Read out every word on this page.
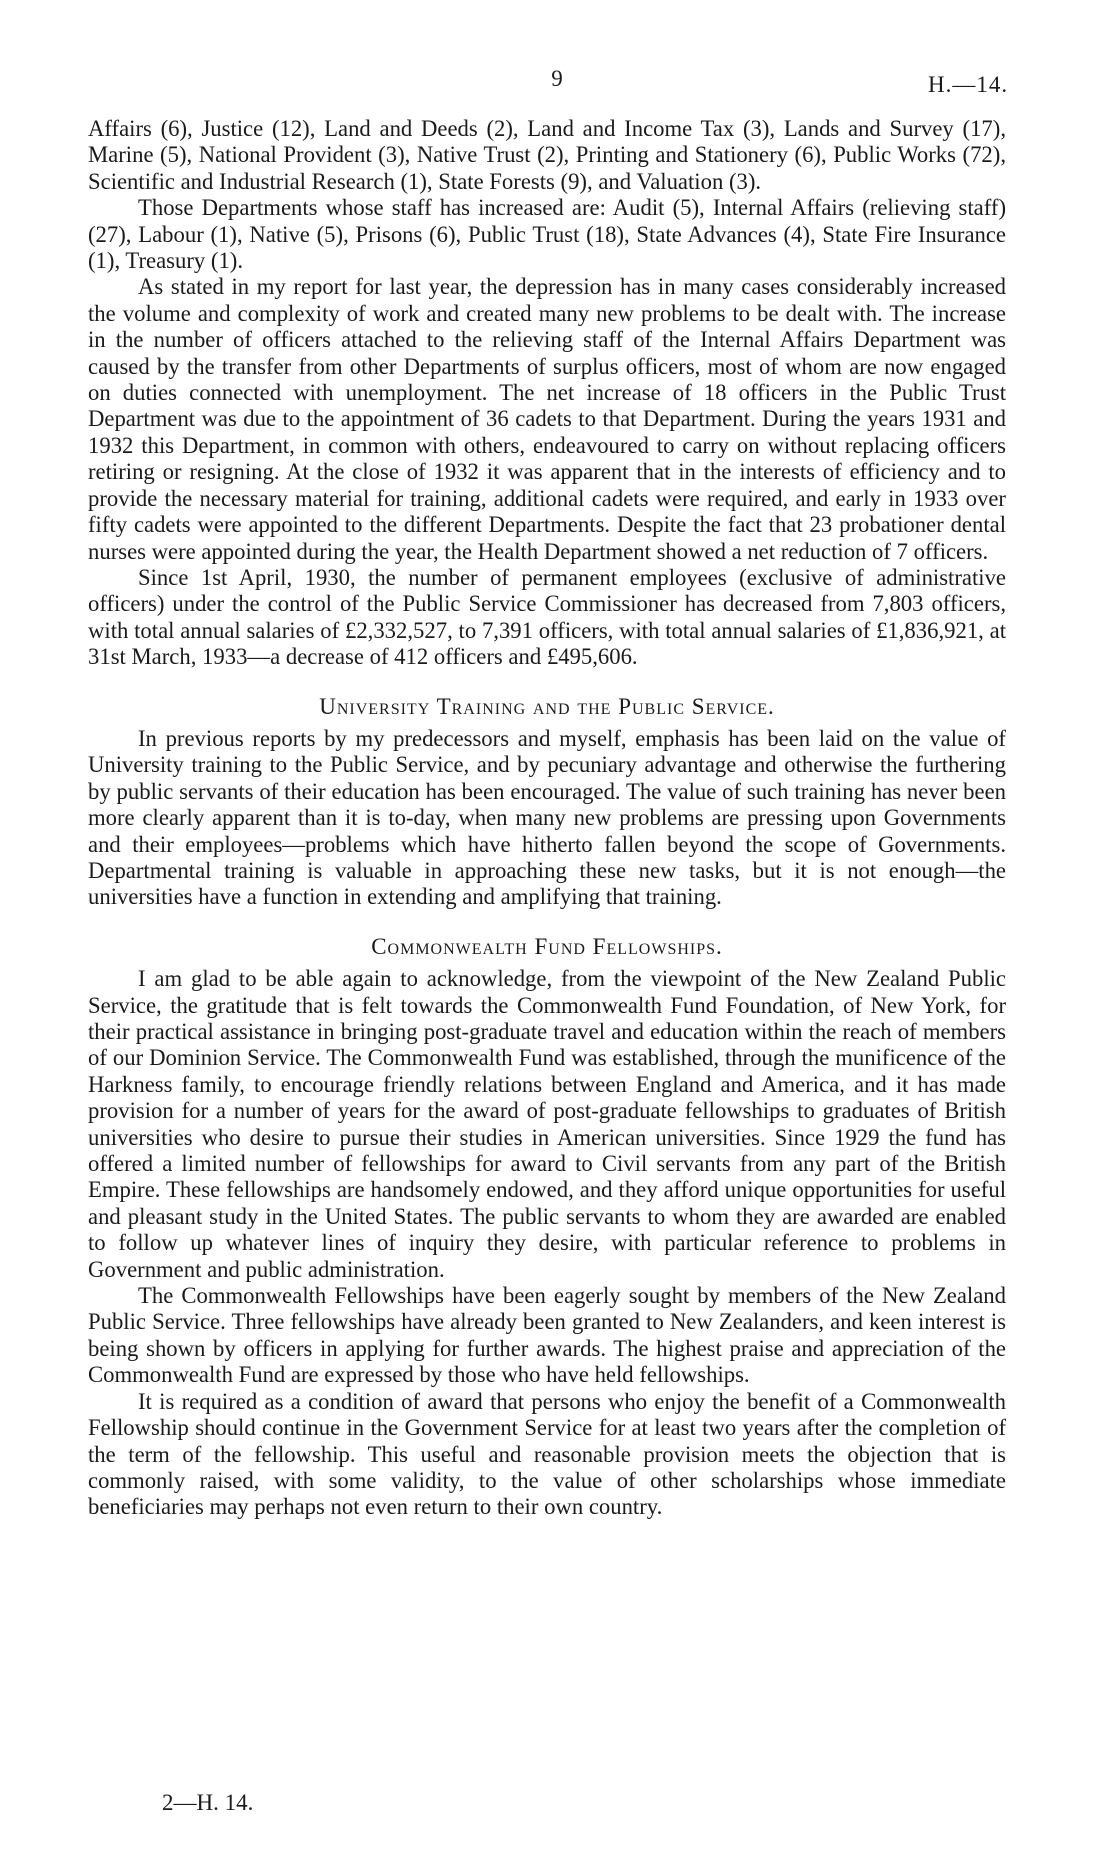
9	H.—14.

Affairs (6), Justice (12), Land and Deeds (2), Land and Income Tax (3), Lands and Survey (17), Marine (5), National Provident (3), Native Trust (2), Printing and Stationery (6), Public Works (72), Scientific and Industrial Research (1), State Forests (9), and Valuation (3).

Those Departments whose staff has increased are: Audit (5), Internal Affairs (relieving staff) (27), Labour (1), Native (5), Prisons (6), Public Trust (18), State Advances (4), State Fire Insurance (1), Treasury (1).

As stated in my report for last year, the depression has in many cases considerably increased the volume and complexity of work and created many new problems to be dealt with. The increase in the number of officers attached to the relieving staff of the Internal Affairs Department was caused by the transfer from other Departments of surplus officers, most of whom are now engaged on duties connected with unemployment. The net increase of 18 officers in the Public Trust Department was due to the appointment of 36 cadets to that Department. During the years 1931 and 1932 this Department, in common with others, endeavoured to carry on without replacing officers retiring or resigning. At the close of 1932 it was apparent that in the interests of efficiency and to provide the necessary material for training, additional cadets were required, and early in 1933 over fifty cadets were appointed to the different Departments. Despite the fact that 23 probationer dental nurses were appointed during the year, the Health Department showed a net reduction of 7 officers.

Since 1st April, 1930, the number of permanent employees (exclusive of administrative officers) under the control of the Public Service Commissioner has decreased from 7,803 officers, with total annual salaries of £2,332,527, to 7,391 officers, with total annual salaries of £1,836,921, at 31st March, 1933—a decrease of 412 officers and £495,606.

University Training and the Public Service.

In previous reports by my predecessors and myself, emphasis has been laid on the value of University training to the Public Service, and by pecuniary advantage and otherwise the furthering by public servants of their education has been encouraged. The value of such training has never been more clearly apparent than it is to-day, when many new problems are pressing upon Governments and their employees—problems which have hitherto fallen beyond the scope of Governments. Departmental training is valuable in approaching these new tasks, but it is not enough—the universities have a function in extending and amplifying that training.

Commonwealth Fund Fellowships.

I am glad to be able again to acknowledge, from the viewpoint of the New Zealand Public Service, the gratitude that is felt towards the Commonwealth Fund Foundation, of New York, for their practical assistance in bringing post-graduate travel and education within the reach of members of our Dominion Service. The Commonwealth Fund was established, through the munificence of the Harkness family, to encourage friendly relations between England and America, and it has made provision for a number of years for the award of post-graduate fellowships to graduates of British universities who desire to pursue their studies in American universities. Since 1929 the fund has offered a limited number of fellowships for award to Civil servants from any part of the British Empire. These fellowships are handsomely endowed, and they afford unique opportunities for useful and pleasant study in the United States. The public servants to whom they are awarded are enabled to follow up whatever lines of inquiry they desire, with particular reference to problems in Government and public administration.

The Commonwealth Fellowships have been eagerly sought by members of the New Zealand Public Service. Three fellowships have already been granted to New Zealanders, and keen interest is being shown by officers in applying for further awards. The highest praise and appreciation of the Commonwealth Fund are expressed by those who have held fellowships.

It is required as a condition of award that persons who enjoy the benefit of a Commonwealth Fellowship should continue in the Government Service for at least two years after the completion of the term of the fellowship. This useful and reasonable provision meets the objection that is commonly raised, with some validity, to the value of other scholarships whose immediate beneficiaries may perhaps not even return to their own country.

2—H. 14.
